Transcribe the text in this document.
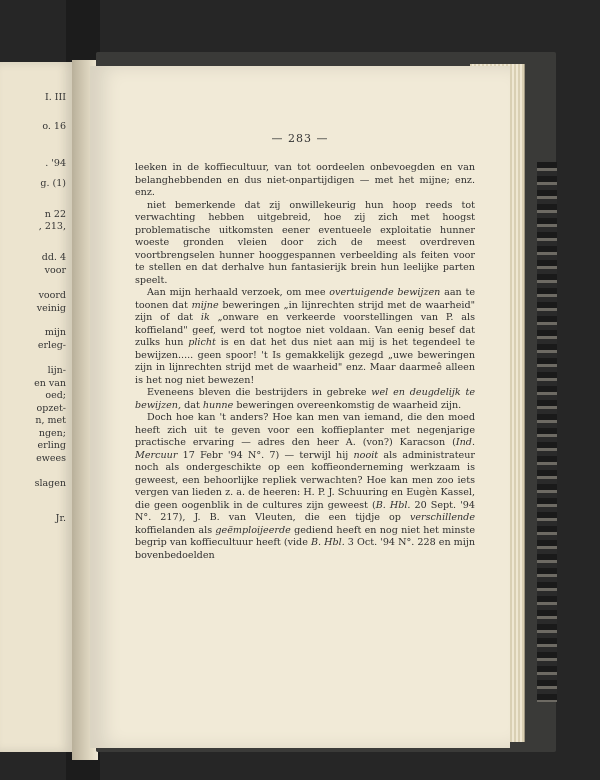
I. III
o. 16
. '94
g. (1)
n 22
, 213,
dd. 4
voor
voord
veinig
mijn
erleg-
lijn-
en van
oed;
opzet-
n, met
ngen;
erling
ewees
slagen
Jr.
— 283 —

leeken in de koffiecultuur, van tot oordeelen onbevoegden en van belanghebbenden en dus niet-onpartijdigen — met het mijne; enz. enz.

niet bemerkende dat zij onwillekeurig hun hoop reeds tot verwachting hebben uitgebreid, hoe zij zich met hoogst problematische uitkomsten eener eventueele exploitatie hunner woeste gronden vleien door zich de meest overdreven voortbrengselen hunner hooggespannen verbeelding als feiten voor te stellen en dat derhalve hun fantasierijk brein hun leelijke parten speelt.

Aan mijn herhaald verzoek, om mee overtuigende bewijzen aan te toonen dat mijne beweringen „in lijnrechten strijd met de waarheid" zijn of dat ik „onware en verkeerde voorstellingen van P. als koffieland" geef, werd tot nogtoe niet voldaan. Van eenig besef dat zulks hun plicht is en dat het dus niet aan mij is het tegendeel te bewijzen..... geen spoor! 't Is gemakkelijk gezegd „uwe beweringen zijn in lijnrechten strijd met de waarheid" enz. Maar daarmeê alleen is het nog niet bewezen!

Eveneens bleven die bestrijders in gebreke wel en deugdelijk te bewijzen, dat hunne beweringen overeenkomstig de waarheid zijn.

Doch hoe kan 't anders? Hoe kan men van iemand, die den moed heeft zich uit te geven voor een koffieplanter met negenjarige practische ervaring — adres den heer A. (von?) Karacson (Ind. Mercuur 17 Febr '94 N°. 7) — terwijl hij nooit als administrateur noch als ondergeschikte op een koffieonderneming werkzaam is geweest, een behoorlijke repliek verwachten? Hoe kan men zoo iets vergen van lieden z. a. de heeren: H. P. J. Schuuring en Eugèn Kassel, die geen oogenblik in de cultures zijn geweest (B. Hbl. 20 Sept. '94 N°. 217), J. B. van Vleuten, die een tijdje op verschillende koffielanden als geëmploijeerde gediend heeft en nog niet het minste begrip van koffiecultuur heeft (vide B. Hbl. 3 Oct. '94 N°. 228 en mijn bovenbedoelden
